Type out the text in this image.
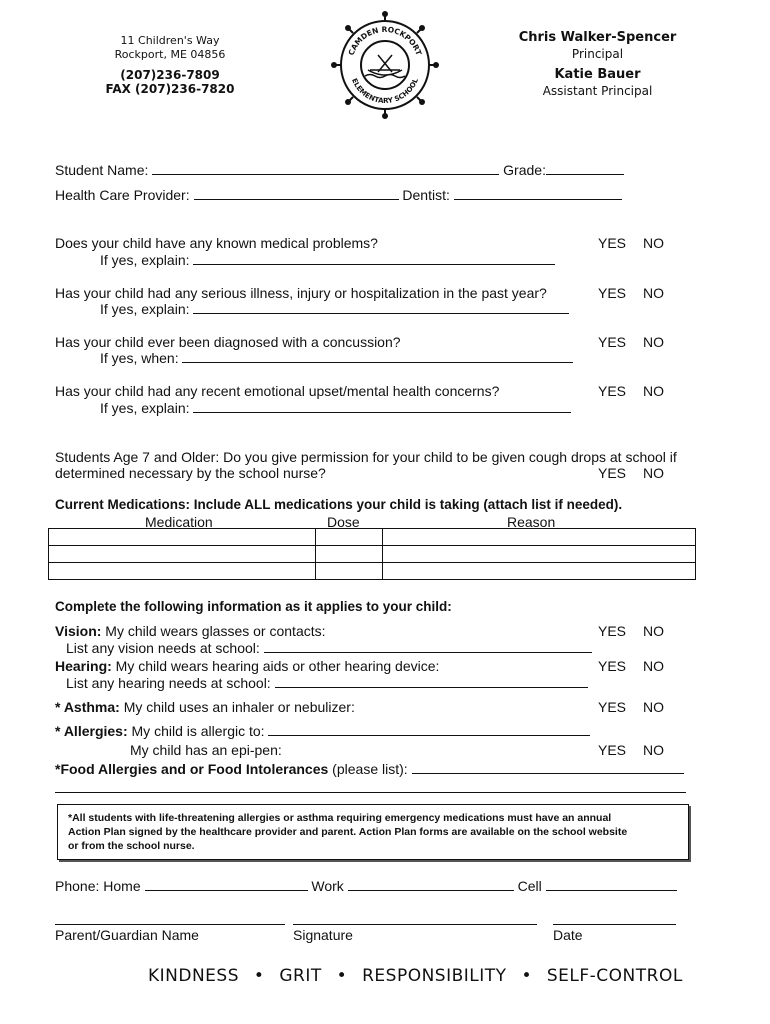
11 Children's Way
Rockport, ME 04856
(207)236-7809
FAX (207)236-7820
CAMDEN ROCKPORT
ELEMENTARY SCHOOL
Chris Walker-Spencer
Principal
Katie Bauer
Assistant Principal
Student Name:	Grade:
Health Care Provider:	Dentist:
Does your child have any known medical problems?
If yes, explain:
YES NO
Has your child had any serious illness, injury or hospitalization in the past year?
If yes, explain:
YES NO
Has your child ever been diagnosed with a concussion?
If yes, when:
YES NO
Has your child had any recent emotional upset/mental health concerns?
If yes, explain:
YES NO
Students Age 7 and Older: Do you give permission for your child to be given cough drops at school if
determined necessary by the school nurse?	YES NO
Current Medications: Include ALL medications your child is taking (attach list if needed).
Medication	Dose	Reason

Complete the following information as it applies to your child:
Vision: My child wears glasses or contacts:	YES NO
List any vision needs at school:
Hearing: My child wears hearing aids or other hearing device:	YES NO
List any hearing needs at school:
* Asthma: My child uses an inhaler or nebulizer:	YES NO
* Allergies: My child is allergic to:
My child has an epi-pen:	YES NO
*Food Allergies and or Food Intolerances (please list):
*All students with life-threatening allergies or asthma requiring emergency medications must have an annual
Action Plan signed by the healthcare provider and parent. Action Plan forms are available on the school website
or from the school nurse.
Phone: Home	Work	Cell
Parent/Guardian Name	Signature	Date
KINDNESS • GRIT • RESPONSIBILITY • SELF-CONTROL
